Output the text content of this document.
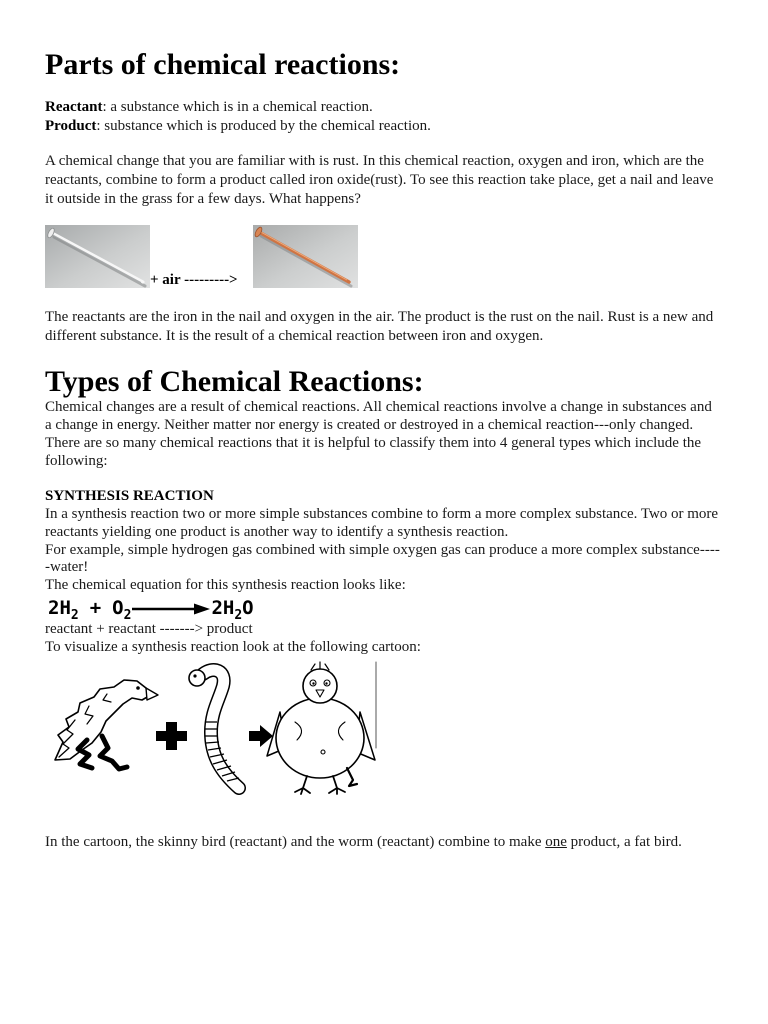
Parts of chemical reactions:
Reactant: a substance which is in a chemical reaction.
Product: substance which is produced by the chemical reaction.
A chemical change that you are familiar with is rust. In this chemical reaction, oxygen and iron, which are the
reactants, combine to form a product called iron oxide(rust). To see this reaction take place, get a nail and leave
it outside in the grass for a few days. What happens?
+ air --------->
The reactants are the iron in the nail and oxygen in the air. The product is the rust on the nail. Rust is a new and
different substance. It is the result of a chemical reaction between iron and oxygen.
Types of Chemical Reactions:
Chemical changes are a result of chemical reactions. All chemical reactions involve a change in substances and
a change in energy. Neither matter nor energy is created or destroyed in a chemical reaction---only changed.
There are so many chemical reactions that it is helpful to classify them into 4 general types which include the
following:
SYNTHESIS REACTION
In a synthesis reaction two or more simple substances combine to form a more complex substance. Two or more
reactants yielding one product is another way to identify a synthesis reaction.
For example, simple hydrogen gas combined with simple oxygen gas can produce a more complex substance----
-water!
The chemical equation for this synthesis reaction looks like:
$2H_2 + O_2$	$2H_2O$
reactant + reactant -------> product
To visualize a synthesis reaction look at the following cartoon:
In the cartoon, the skinny bird (reactant) and the worm (reactant) combine to make one product, a fat bird.
